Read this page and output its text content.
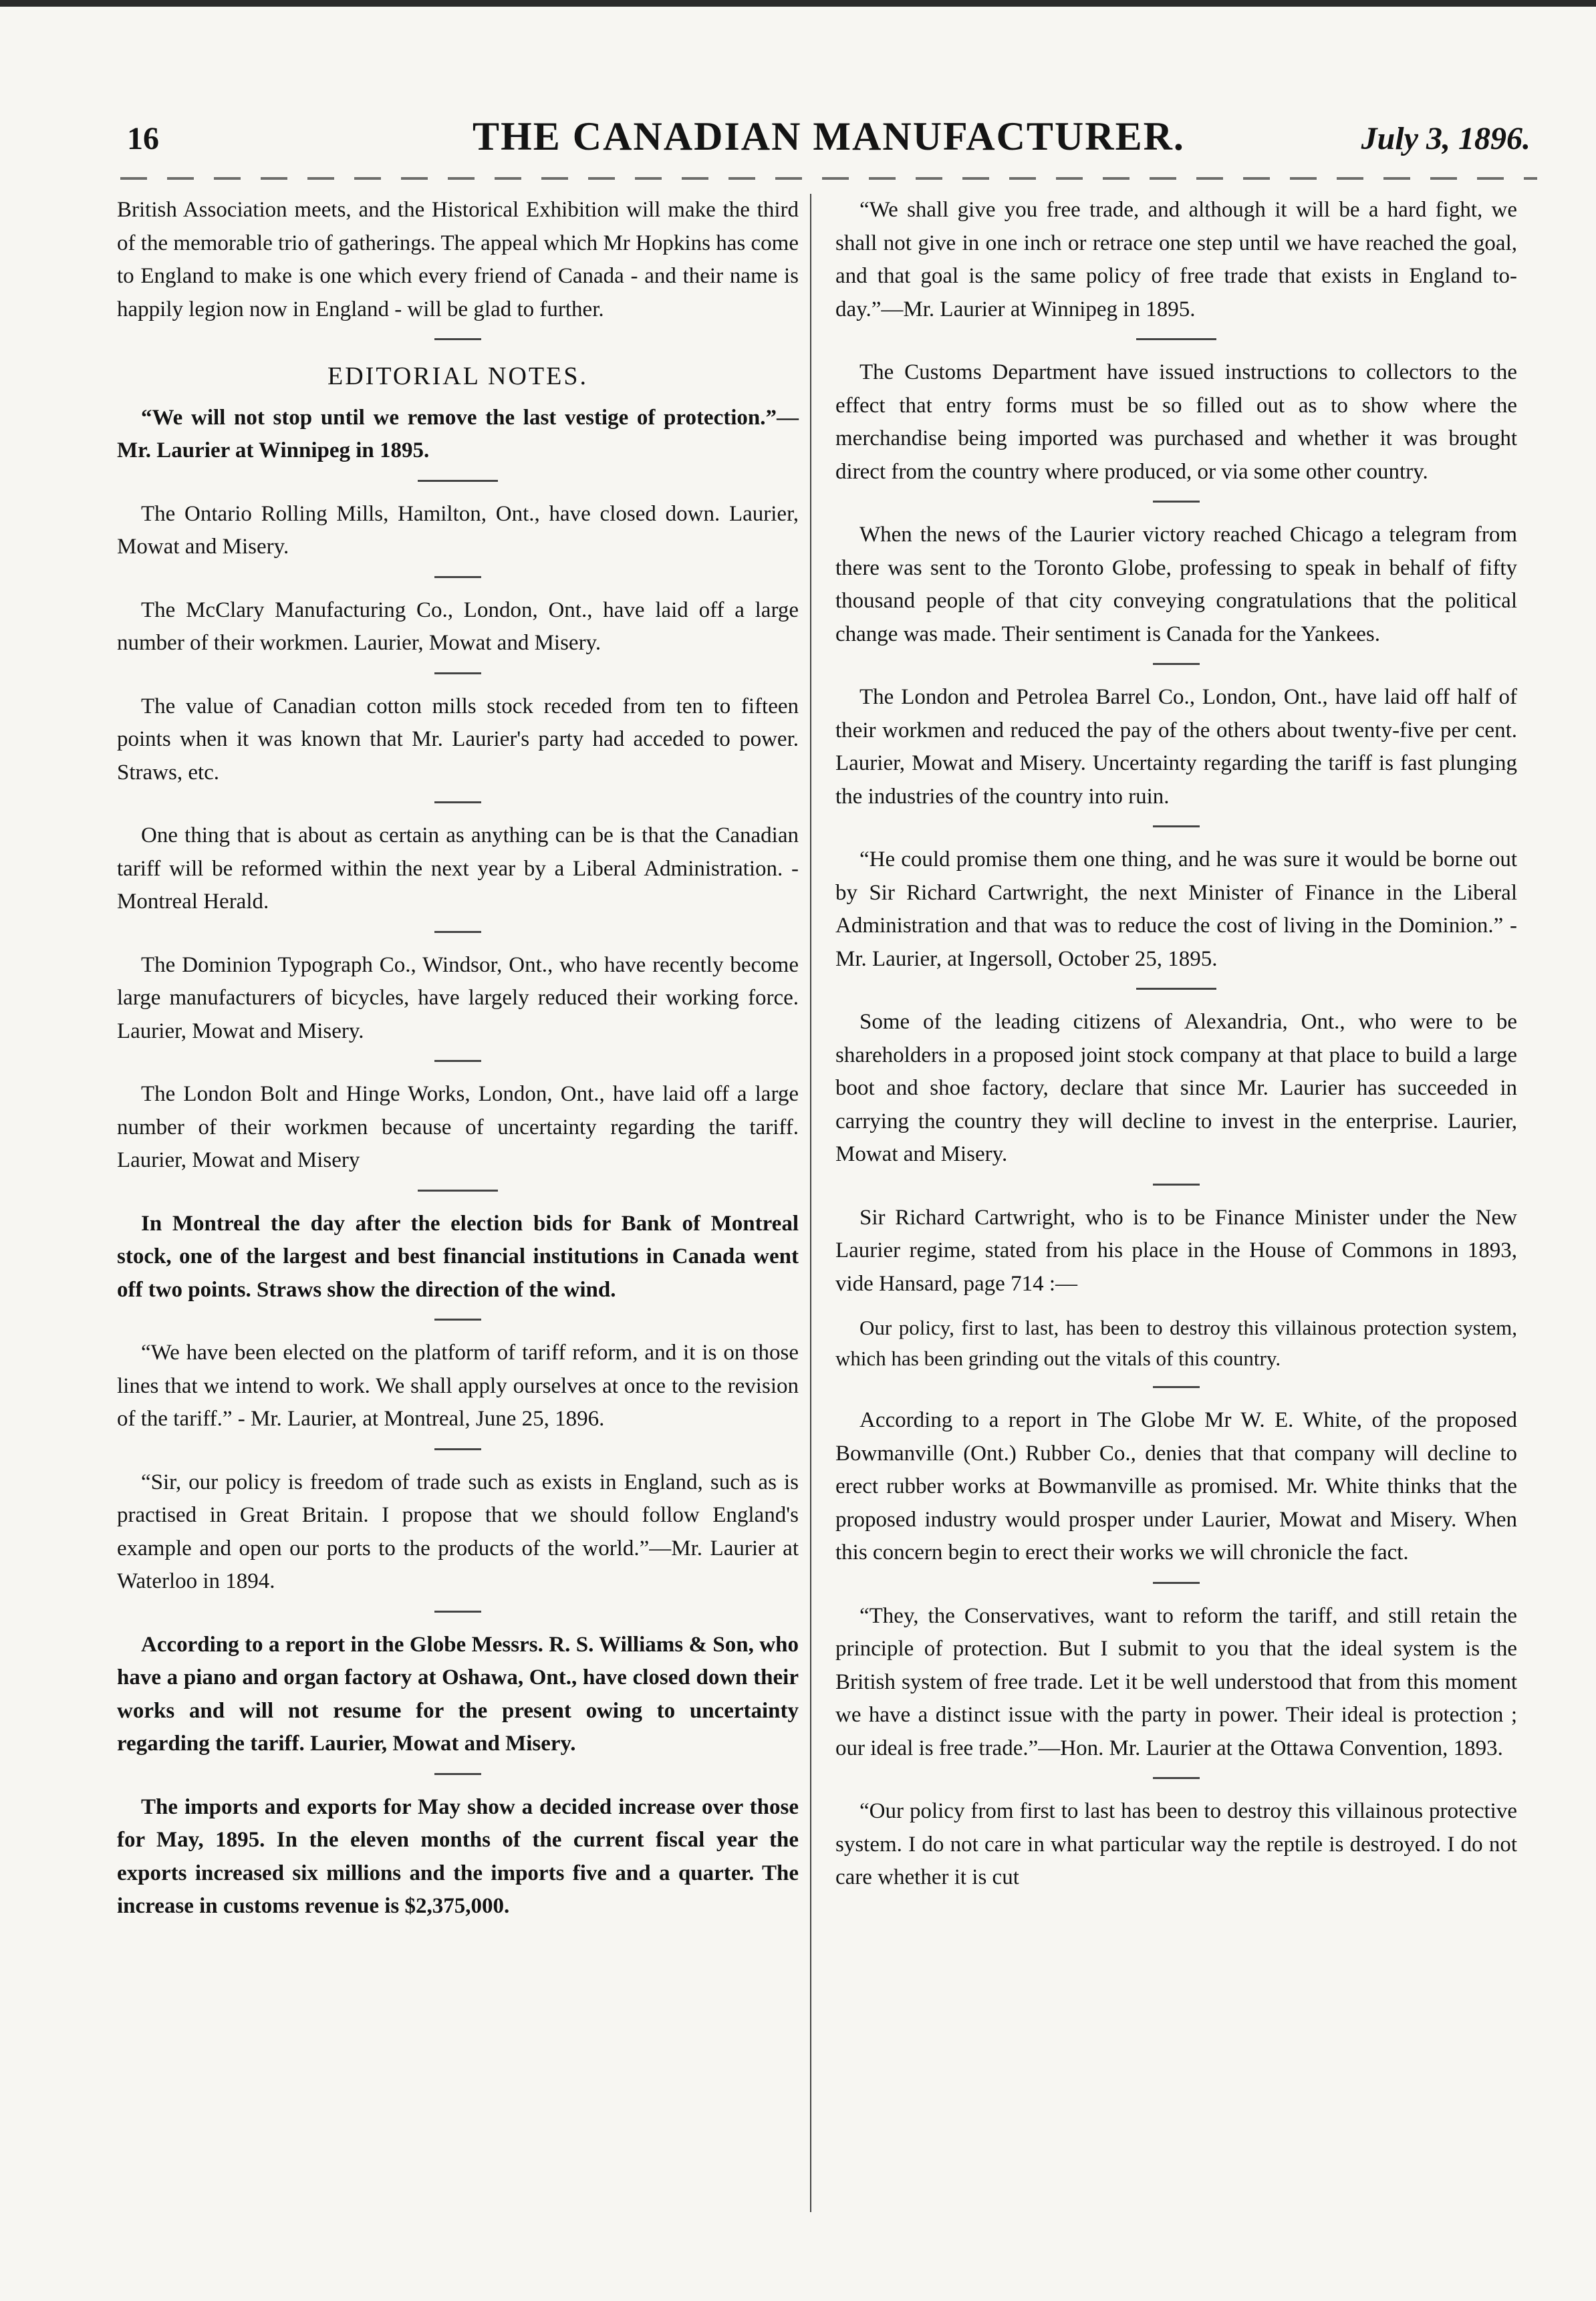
16	THE CANADIAN MANUFACTURER.	July 3, 1896.

British Association meets, and the Historical Exhibition will make the third of the memorable trio of gatherings. The appeal which Mr Hopkins has come to England to make is one which every friend of Canada - and their name is happily legion now in England - will be glad to further.

EDITORIAL NOTES.

“We will not stop until we remove the last vestige of protection.”—Mr. Laurier at Winnipeg in 1895.

The Ontario Rolling Mills, Hamilton, Ont., have closed down. Laurier, Mowat and Misery.

The McClary Manufacturing Co., London, Ont., have laid off a large number of their workmen. Laurier, Mowat and Misery.

The value of Canadian cotton mills stock receded from ten to fifteen points when it was known that Mr. Laurier's party had acceded to power. Straws, etc.

One thing that is about as certain as anything can be is that the Canadian tariff will be reformed within the next year by a Liberal Administration. - Montreal Herald.

The Dominion Typograph Co., Windsor, Ont., who have recently become large manufacturers of bicycles, have largely reduced their working force. Laurier, Mowat and Misery.

The London Bolt and Hinge Works, London, Ont., have laid off a large number of their workmen because of uncertainty regarding the tariff. Laurier, Mowat and Misery

In Montreal the day after the election bids for Bank of Montreal stock, one of the largest and best financial institutions in Canada went off two points. Straws show the direction of the wind.

“We have been elected on the platform of tariff reform, and it is on those lines that we intend to work. We shall apply ourselves at once to the revision of the tariff.” - Mr. Laurier, at Montreal, June 25, 1896.

“Sir, our policy is freedom of trade such as exists in England, such as is practised in Great Britain. I propose that we should follow England's example and open our ports to the products of the world.”—Mr. Laurier at Waterloo in 1894.

According to a report in the Globe Messrs. R. S. Williams & Son, who have a piano and organ factory at Oshawa, Ont., have closed down their works and will not resume for the present owing to uncertainty regarding the tariff. Laurier, Mowat and Misery.

The imports and exports for May show a decided increase over those for May, 1895. In the eleven months of the current fiscal year the exports increased six millions and the imports five and a quarter. The increase in customs revenue is $2,375,000.

“We shall give you free trade, and although it will be a hard fight, we shall not give in one inch or retrace one step until we have reached the goal, and that goal is the same policy of free trade that exists in England to-day.”—Mr. Laurier at Winnipeg in 1895.

The Customs Department have issued instructions to collectors to the effect that entry forms must be so filled out as to show where the merchandise being imported was purchased and whether it was brought direct from the country where produced, or via some other country.

When the news of the Laurier victory reached Chicago a telegram from there was sent to the Toronto Globe, professing to speak in behalf of fifty thousand people of that city conveying congratulations that the political change was made. Their sentiment is Canada for the Yankees.

The London and Petrolea Barrel Co., London, Ont., have laid off half of their workmen and reduced the pay of the others about twenty-five per cent. Laurier, Mowat and Misery. Uncertainty regarding the tariff is fast plunging the industries of the country into ruin.

“He could promise them one thing, and he was sure it would be borne out by Sir Richard Cartwright, the next Minister of Finance in the Liberal Administration and that was to reduce the cost of living in the Dominion.” - Mr. Laurier, at Ingersoll, October 25, 1895.

Some of the leading citizens of Alexandria, Ont., who were to be shareholders in a proposed joint stock company at that place to build a large boot and shoe factory, declare that since Mr. Laurier has succeeded in carrying the country they will decline to invest in the enterprise. Laurier, Mowat and Misery.

Sir Richard Cartwright, who is to be Finance Minister under the New Laurier regime, stated from his place in the House of Commons in 1893, vide Hansard, page 714 :—

Our policy, first to last, has been to destroy this villainous protection system, which has been grinding out the vitals of this country.

According to a report in The Globe Mr W. E. White, of the proposed Bowmanville (Ont.) Rubber Co., denies that that company will decline to erect rubber works at Bowmanville as promised. Mr. White thinks that the proposed industry would prosper under Laurier, Mowat and Misery. When this concern begin to erect their works we will chronicle the fact.

“They, the Conservatives, want to reform the tariff, and still retain the principle of protection. But I submit to you that the ideal system is the British system of free trade. Let it be well understood that from this moment we have a distinct issue with the party in power. Their ideal is protection ; our ideal is free trade.”—Hon. Mr. Laurier at the Ottawa Convention, 1893.

“Our policy from first to last has been to destroy this villainous protective system. I do not care in what particular way the reptile is destroyed. I do not care whether it is cut
